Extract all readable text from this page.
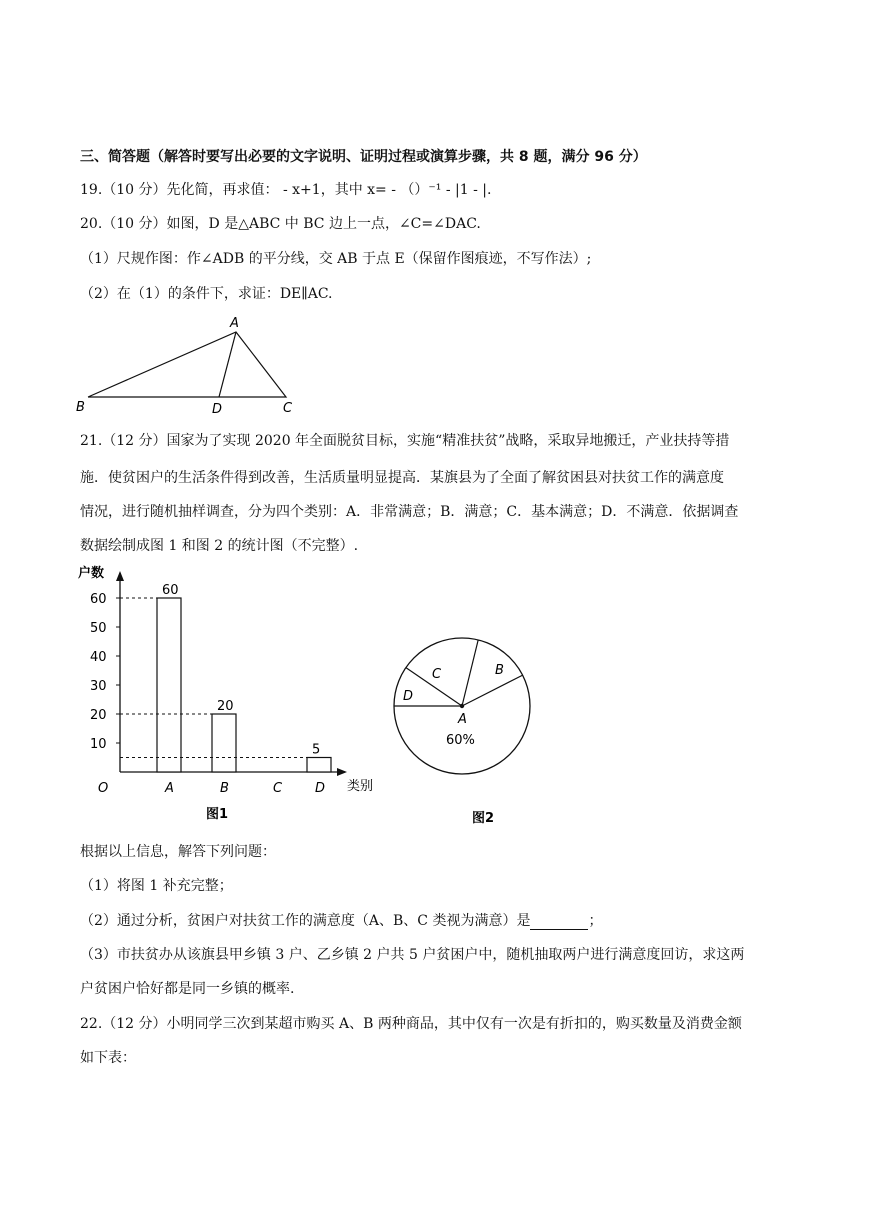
三、简答题（解答时要写出必要的文字说明、证明过程或演算步骤，共 8 题，满分 96 分）
19.（10 分）先化简，再求值： - x+1，其中 x= - （）⁻¹ - |1 - |.
20.（10 分）如图，D 是△ABC 中 BC 边上一点，∠C=∠DAC.
（1）尺规作图：作∠ADB 的平分线，交 AB 于点 E（保留作图痕迹，不写作法）;
（2）在（1）的条件下，求证：DE∥AC.
A
B	D	C
21.（12 分）国家为了实现 2020 年全面脱贫目标，实施“精准扶贫”战略，采取异地搬迁，产业扶持等措
施．使贫困户的生活条件得到改善，生活质量明显提高．某旗县为了全面了解贫困县对扶贫工作的满意度
情况，进行随机抽样调查，分为四个类别：A．非常满意；B．满意；C．基本满意；D．不满意．依据调查
数据绘制成图 1 和图 2 的统计图（不完整）.
户数
类别
O
图1
10
20
30
40
50
60
A
60
B
20
C	D
5
B
C
D
A
60%
图2
根据以上信息，解答下列问题：
（1）将图 1 补充完整；
（2）通过分析，贫困户对扶贫工作的满意度（A、B、C 类视为满意）是	；
（3）市扶贫办从该旗县甲乡镇 3 户、乙乡镇 2 户共 5 户贫困户中，随机抽取两户进行满意度回访，求这两
户贫困户恰好都是同一乡镇的概率.
22.（12 分）小明同学三次到某超市购买 A、B 两种商品，其中仅有一次是有折扣的，购买数量及消费金额
如下表：
